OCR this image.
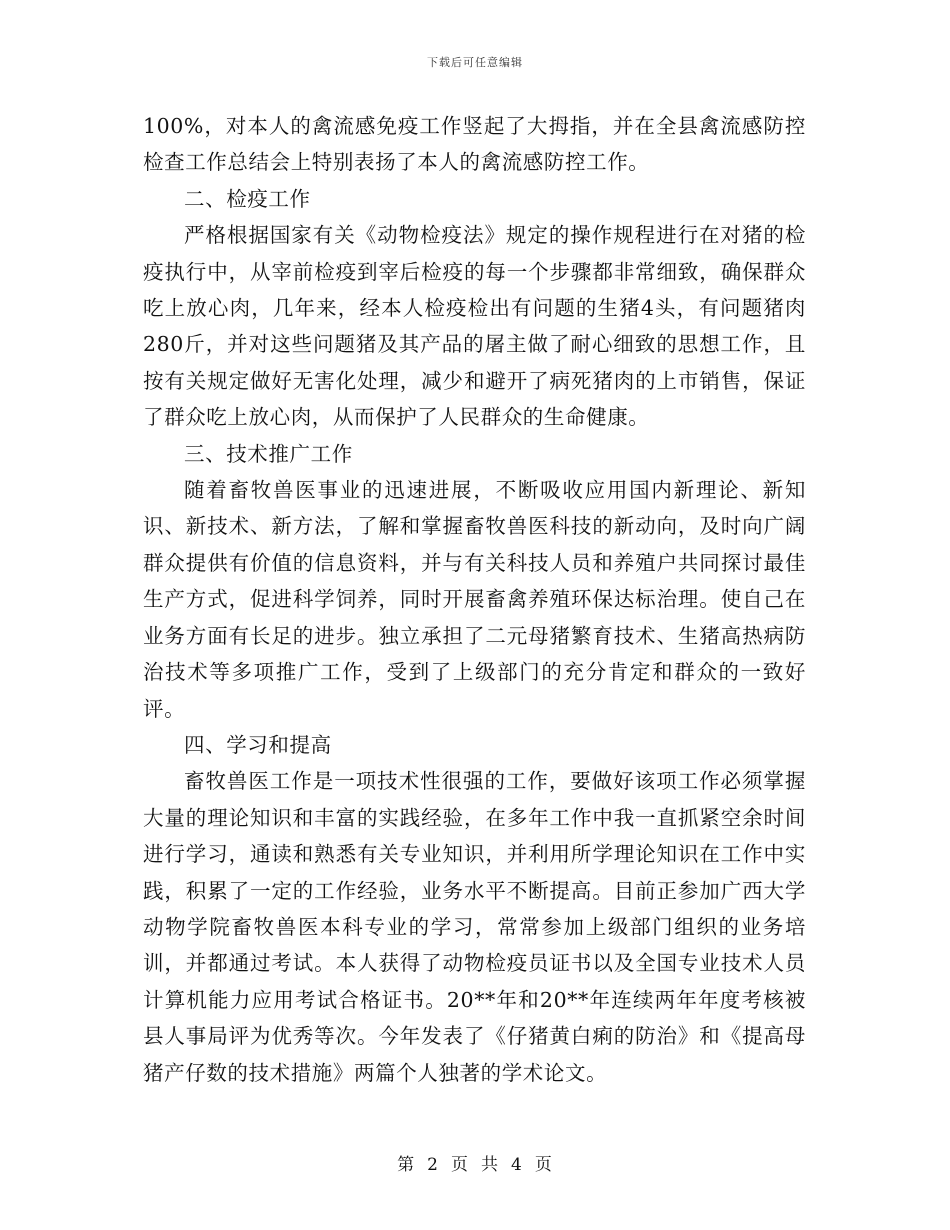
下载后可任意编辑

100%，对本人的禽流感免疫工作竖起了大拇指，并在全县禽流感防控检查工作总结会上特别表扬了本人的禽流感防控工作。

二、检疫工作

严格根据国家有关《动物检疫法》规定的操作规程进行在对猪的检疫执行中，从宰前检疫到宰后检疫的每一个步骤都非常细致，确保群众吃上放心肉，几年来，经本人检疫检出有问题的生猪4头，有问题猪肉280斤，并对这些问题猪及其产品的屠主做了耐心细致的思想工作，且按有关规定做好无害化处理，减少和避开了病死猪肉的上市销售，保证了群众吃上放心肉，从而保护了人民群众的生命健康。

三、技术推广工作

随着畜牧兽医事业的迅速进展，不断吸收应用国内新理论、新知识、新技术、新方法，了解和掌握畜牧兽医科技的新动向，及时向广阔群众提供有价值的信息资料，并与有关科技人员和养殖户共同探讨最佳生产方式，促进科学饲养，同时开展畜禽养殖环保达标治理。使自己在业务方面有长足的进步。独立承担了二元母猪繁育技术、生猪高热病防治技术等多项推广工作，受到了上级部门的充分肯定和群众的一致好评。

四、学习和提高

畜牧兽医工作是一项技术性很强的工作，要做好该项工作必须掌握大量的理论知识和丰富的实践经验，在多年工作中我一直抓紧空余时间进行学习，通读和熟悉有关专业知识，并利用所学理论知识在工作中实践，积累了一定的工作经验，业务水平不断提高。目前正参加广西大学动物学院畜牧兽医本科专业的学习，常常参加上级部门组织的业务培训，并都通过考试。本人获得了动物检疫员证书以及全国专业技术人员计算机能力应用考试合格证书。20**年和20**年连续两年年度考核被县人事局评为优秀等次。今年发表了《仔猪黄白痢的防治》和《提高母猪产仔数的技术措施》两篇个人独著的学术论文。

第 2 页 共 4 页
